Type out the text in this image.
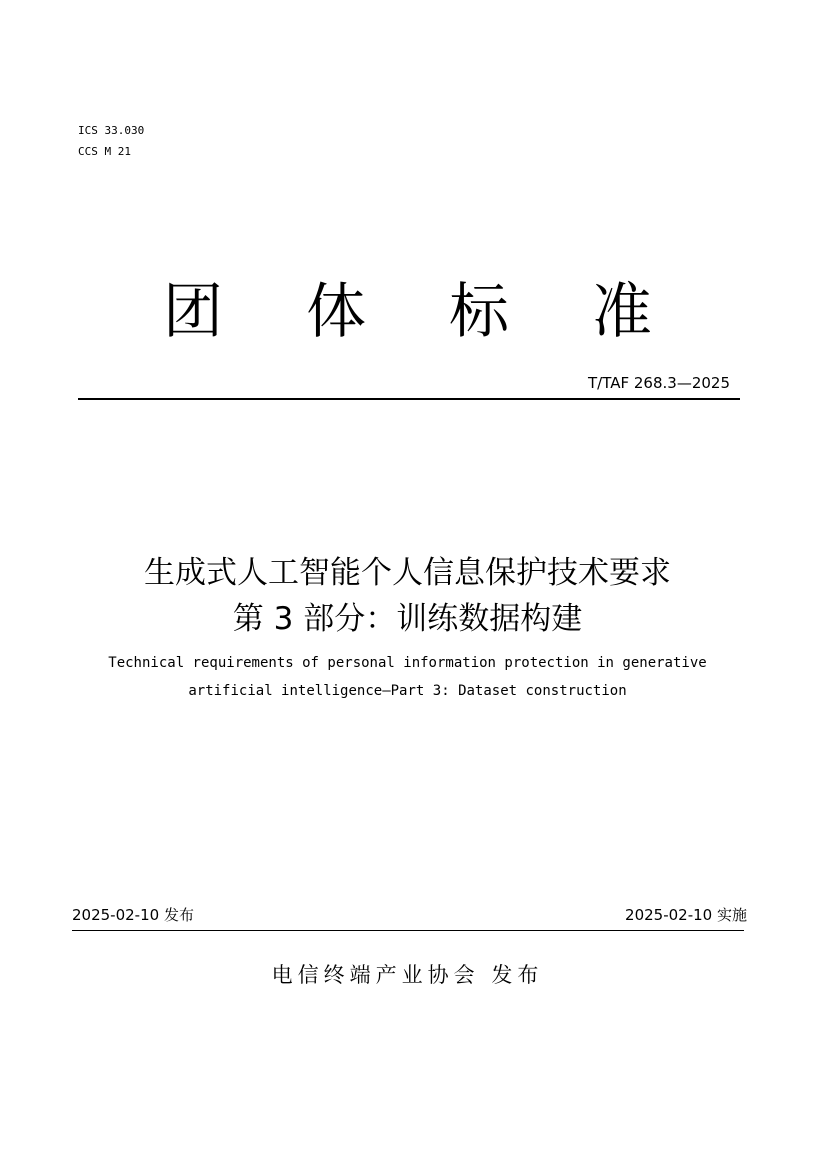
ICS 33.030
CCS M 21
团 体 标 准
T/TAF 268.3—2025
生成式人工智能个人信息保护技术要求
第 3 部分：训练数据构建
Technical requirements of personal information protection in generative
artificial intelligence—Part 3: Dataset construction
2025-02-10 发布	2025-02-10 实施
电信终端产业协会 发布
